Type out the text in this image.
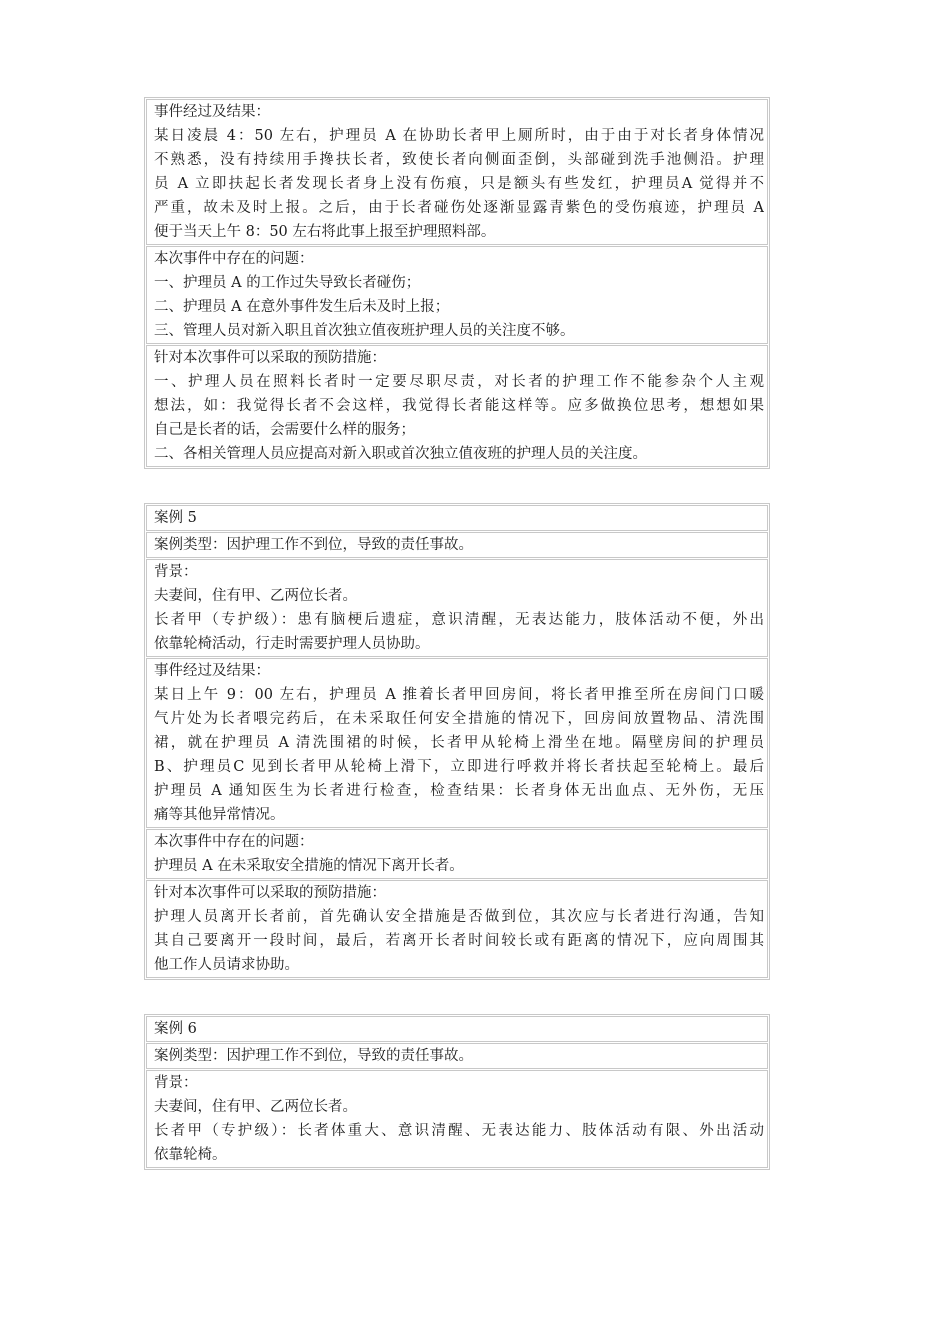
事件经过及结果：
某日凌晨 4：50 左右，护理员 A 在协助长者甲上厕所时，由于由于对长者身体情况
不熟悉，没有持续用手搀扶长者，致使长者向侧面歪倒，头部碰到洗手池侧沿。护理
员 A 立即扶起长者发现长者身上没有伤痕，只是额头有些发红，护理员A 觉得并不
严重，故未及时上报。之后，由于长者碰伤处逐渐显露青紫色的受伤痕迹，护理员 A
便于当天上午 8：50 左右将此事上报至护理照料部。
本次事件中存在的问题：
一、护理员 A 的工作过失导致长者碰伤；
二、护理员 A 在意外事件发生后未及时上报；
三、管理人员对新入职且首次独立值夜班护理人员的关注度不够。
针对本次事件可以采取的预防措施：
一、护理人员在照料长者时一定要尽职尽责，对长者的护理工作不能参杂个人主观
想法，如：我觉得长者不会这样，我觉得长者能这样等。应多做换位思考，想想如果
自己是长者的话，会需要什么样的服务；
二、各相关管理人员应提高对新入职或首次独立值夜班的护理人员的关注度。
案例 5
案例类型：因护理工作不到位，导致的责任事故。
背景：
夫妻间，住有甲、乙两位长者。
长者甲（专护级）：患有脑梗后遗症，意识清醒，无表达能力，肢体活动不便，外出
依靠轮椅活动，行走时需要护理人员协助。
事件经过及结果：
某日上午 9：00 左右，护理员 A 推着长者甲回房间，将长者甲推至所在房间门口暖
气片处为长者喂完药后，在未采取任何安全措施的情况下，回房间放置物品、清洗围
裙，就在护理员 A 清洗围裙的时候，长者甲从轮椅上滑坐在地。隔壁房间的护理员
B、护理员C 见到长者甲从轮椅上滑下，立即进行呼救并将长者扶起至轮椅上。最后
护理员 A 通知医生为长者进行检查，检查结果：长者身体无出血点、无外伤，无压
痛等其他异常情况。
本次事件中存在的问题：
护理员 A 在未采取安全措施的情况下离开长者。
针对本次事件可以采取的预防措施：
护理人员离开长者前，首先确认安全措施是否做到位，其次应与长者进行沟通，告知
其自己要离开一段时间，最后，若离开长者时间较长或有距离的情况下，应向周围其
他工作人员请求协助。
案例 6
案例类型：因护理工作不到位，导致的责任事故。
背景：
夫妻间，住有甲、乙两位长者。
长者甲（专护级）：长者体重大、意识清醒、无表达能力、肢体活动有限、外出活动
依靠轮椅。
